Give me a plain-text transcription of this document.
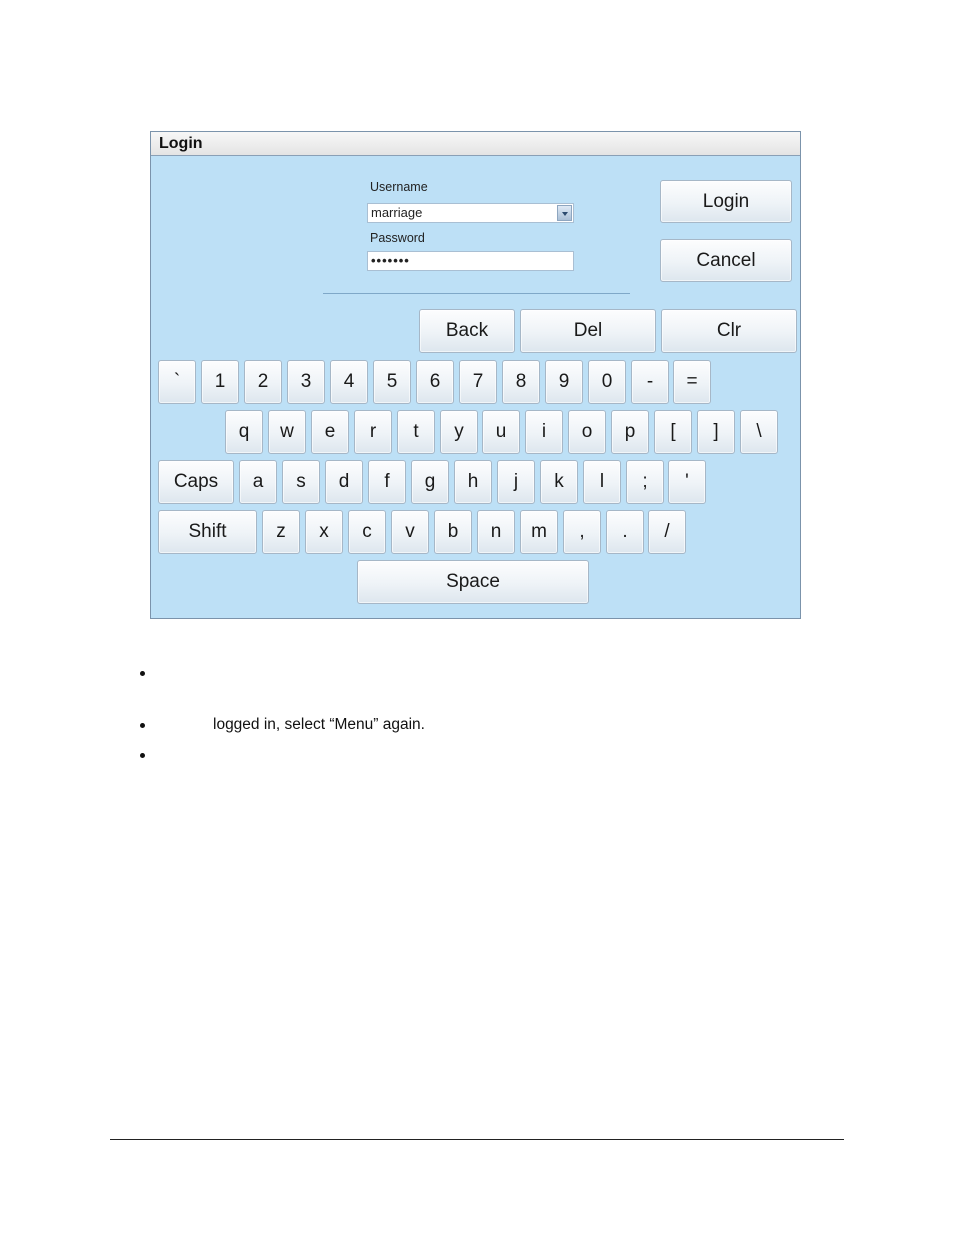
Login
Username
marriage
Password
•••••••
Login
Cancel
Back	Del	Clr
`	1	2	3	4	5	6	7	8	9	0	-	=
q	w	e	r	t	y	u	i	o	p	[	]	\
Caps	a	s	d	f	g	h	j	k	l	;	'
Shift	z	x	c	v	b	n	m	,	.	/
Space
logged in, select “Menu” again.
